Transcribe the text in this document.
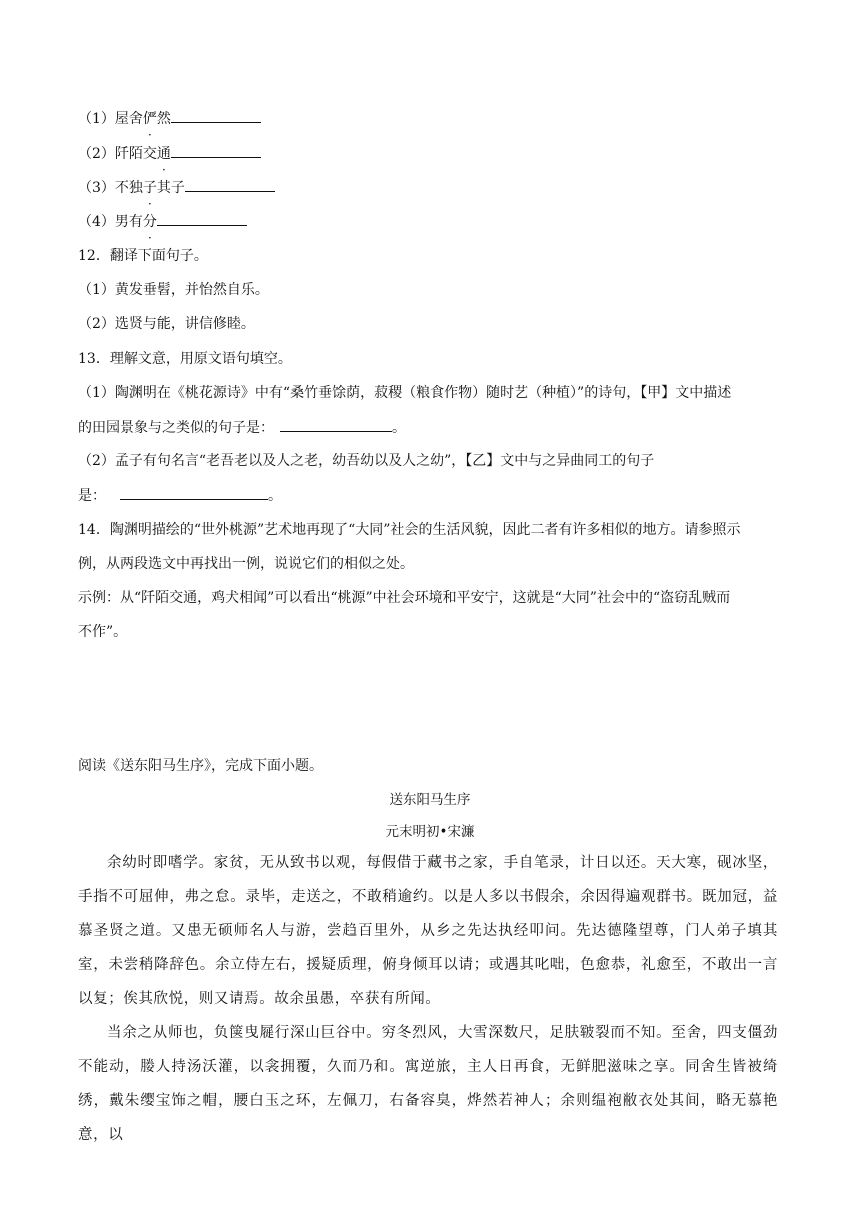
（1）屋舍俨然
（2）阡陌交通
（3）不独子其子
（4）男有分
12．翻译下面句子。
（1）黄发垂髫，并怡然自乐。
（2）选贤与能，讲信修睦。
13．理解文意，用原文语句填空。
（1）陶渊明在《桃花源诗》中有“桑竹垂馀荫，菽稷（粮食作物）随时艺（种植）”的诗句，【甲】文中描述
的田园景象与之类似的句子是：	。
（2）孟子有句名言“老吾老以及人之老，幼吾幼以及人之幼”，【乙】文中与之异曲同工的句子
是：	。
14．陶渊明描绘的“世外桃源”艺术地再现了“大同”社会的生活风貌，因此二者有许多相似的地方。请参照示
例，从两段选文中再找出一例，说说它们的相似之处。
示例：从“阡陌交通，鸡犬相闻”可以看出“桃源”中社会环境和平安宁，这就是“大同”社会中的“盗窃乱贼而
不作”。
阅读《送东阳马生序》，完成下面小题。
送东阳马生序
元末明初•宋濂
余幼时即嗜学。家贫，无从致书以观，每假借于藏书之家，手自笔录，计日以还。天大寒，砚冰坚，手指不可屈伸，弗之怠。录毕，走送之，不敢稍逾约。以是人多以书假余，余因得遍观群书。既加冠，益慕圣贤之道。又患无硕师名人与游，尝趋百里外，从乡之先达执经叩问。先达德隆望尊，门人弟子填其室，未尝稍降辞色。余立侍左右，援疑质理，俯身倾耳以请；或遇其叱咄，色愈恭，礼愈至，不敢出一言以复；俟其欣悦，则又请焉。故余虽愚，卒获有所闻。
当余之从师也，负箧曳屣行深山巨谷中。穷冬烈风，大雪深数尺，足肤皲裂而不知。至舍，四支僵劲不能动，媵人持汤沃灌，以衾拥覆，久而乃和。寓逆旅，主人日再食，无鲜肥滋味之享。同舍生皆被绮绣，戴朱缨宝饰之帽，腰白玉之环，左佩刀，右备容臭，烨然若神人；余则缊袍敝衣处其间，略无慕艳意，以
